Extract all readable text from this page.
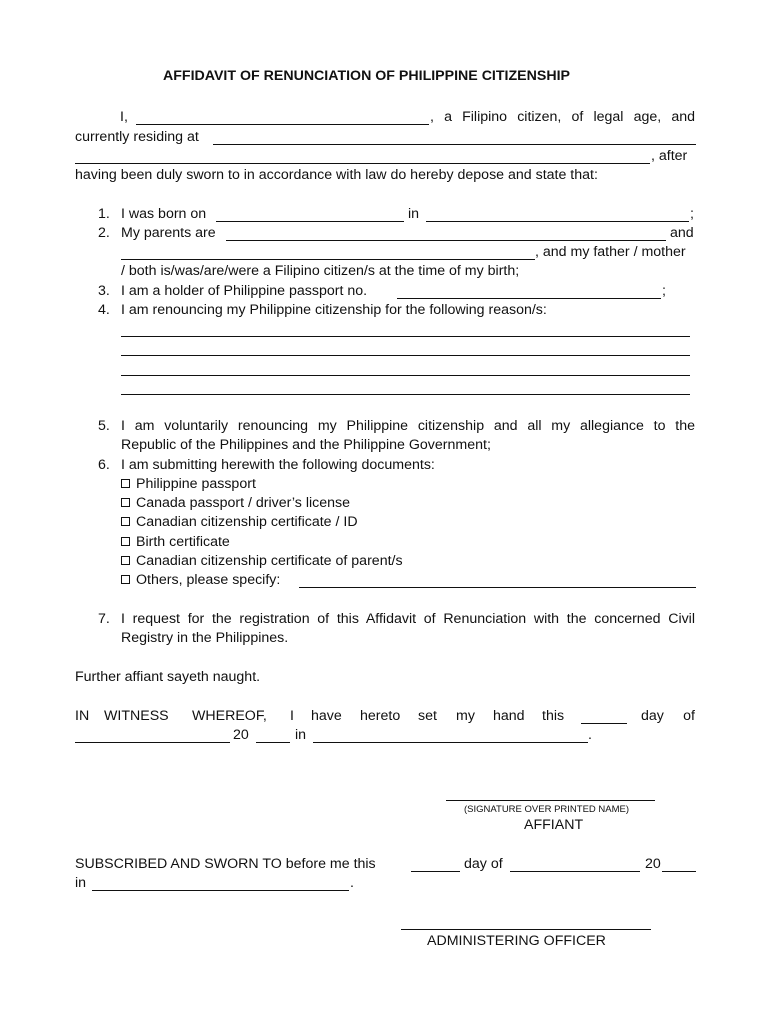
AFFIDAVIT OF RENUNCIATION OF PHILIPPINE CITIZENSHIP
I,	, a Filipino citizen, of legal age, and
currently residing at
, after
having been duly sworn to in accordance with law do hereby depose and state that:
1. I was born on	in	;
2. My parents are	and
, and my father / mother
/ both is/was/are/were a Filipino citizen/s at the time of my birth;
3. I am a holder of Philippine passport no.	;
4. I am renouncing my Philippine citizenship for the following reason/s:
5. I am voluntarily renouncing my Philippine citizenship and all my allegiance to the
Republic of the Philippines and the Philippine Government;
6. I am submitting herewith the following documents:
Philippine passport
Canada passport / driver’s license
Canadian citizenship certificate / ID
Birth certificate
Canadian citizenship certificate of parent/s
Others, please specify:
7. I request for the registration of this Affidavit of Renunciation with the concerned Civil
Registry in the Philippines.
Further affiant sayeth naught.
IN WITNESS WHEREOF, I have hereto set my hand this	day of
20	in	.
(SIGNATURE OVER PRINTED NAME)
AFFIANT
SUBSCRIBED AND SWORN TO before me this	day of	20
in	.
ADMINISTERING OFFICER
